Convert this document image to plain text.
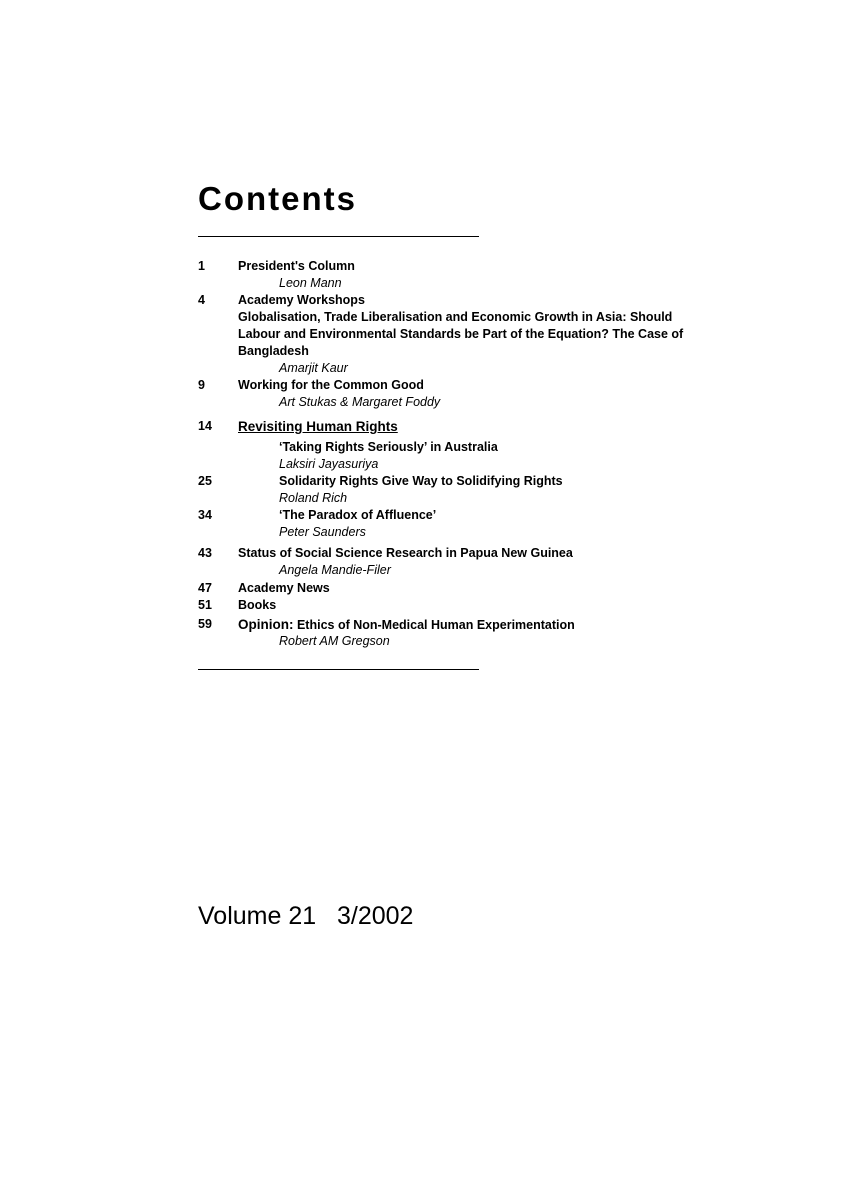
Contents
1	President's Column
Leon Mann
4	Academy Workshops
Globalisation, Trade Liberalisation and Economic Growth in Asia: Should Labour and Environmental Standards be Part of the Equation? The Case of Bangladesh
Amarjit Kaur
9	Working for the Common Good
Art Stukas & Margaret Foddy
14 Revisiting Human Rights
‘Taking Rights Seriously’ in Australia
Laksiri Jayasuriya
25	Solidarity Rights Give Way to Solidifying Rights
Roland Rich
34	‘The Paradox of Affluence’
Peter Saunders
43 Status of Social Science Research in Papua New Guinea
Angela Mandie-Filer
47 Academy News
51 Books
59 Opinion: Ethics of Non-Medical Human Experimentation
Robert AM Gregson
Volume 21   3/2002
